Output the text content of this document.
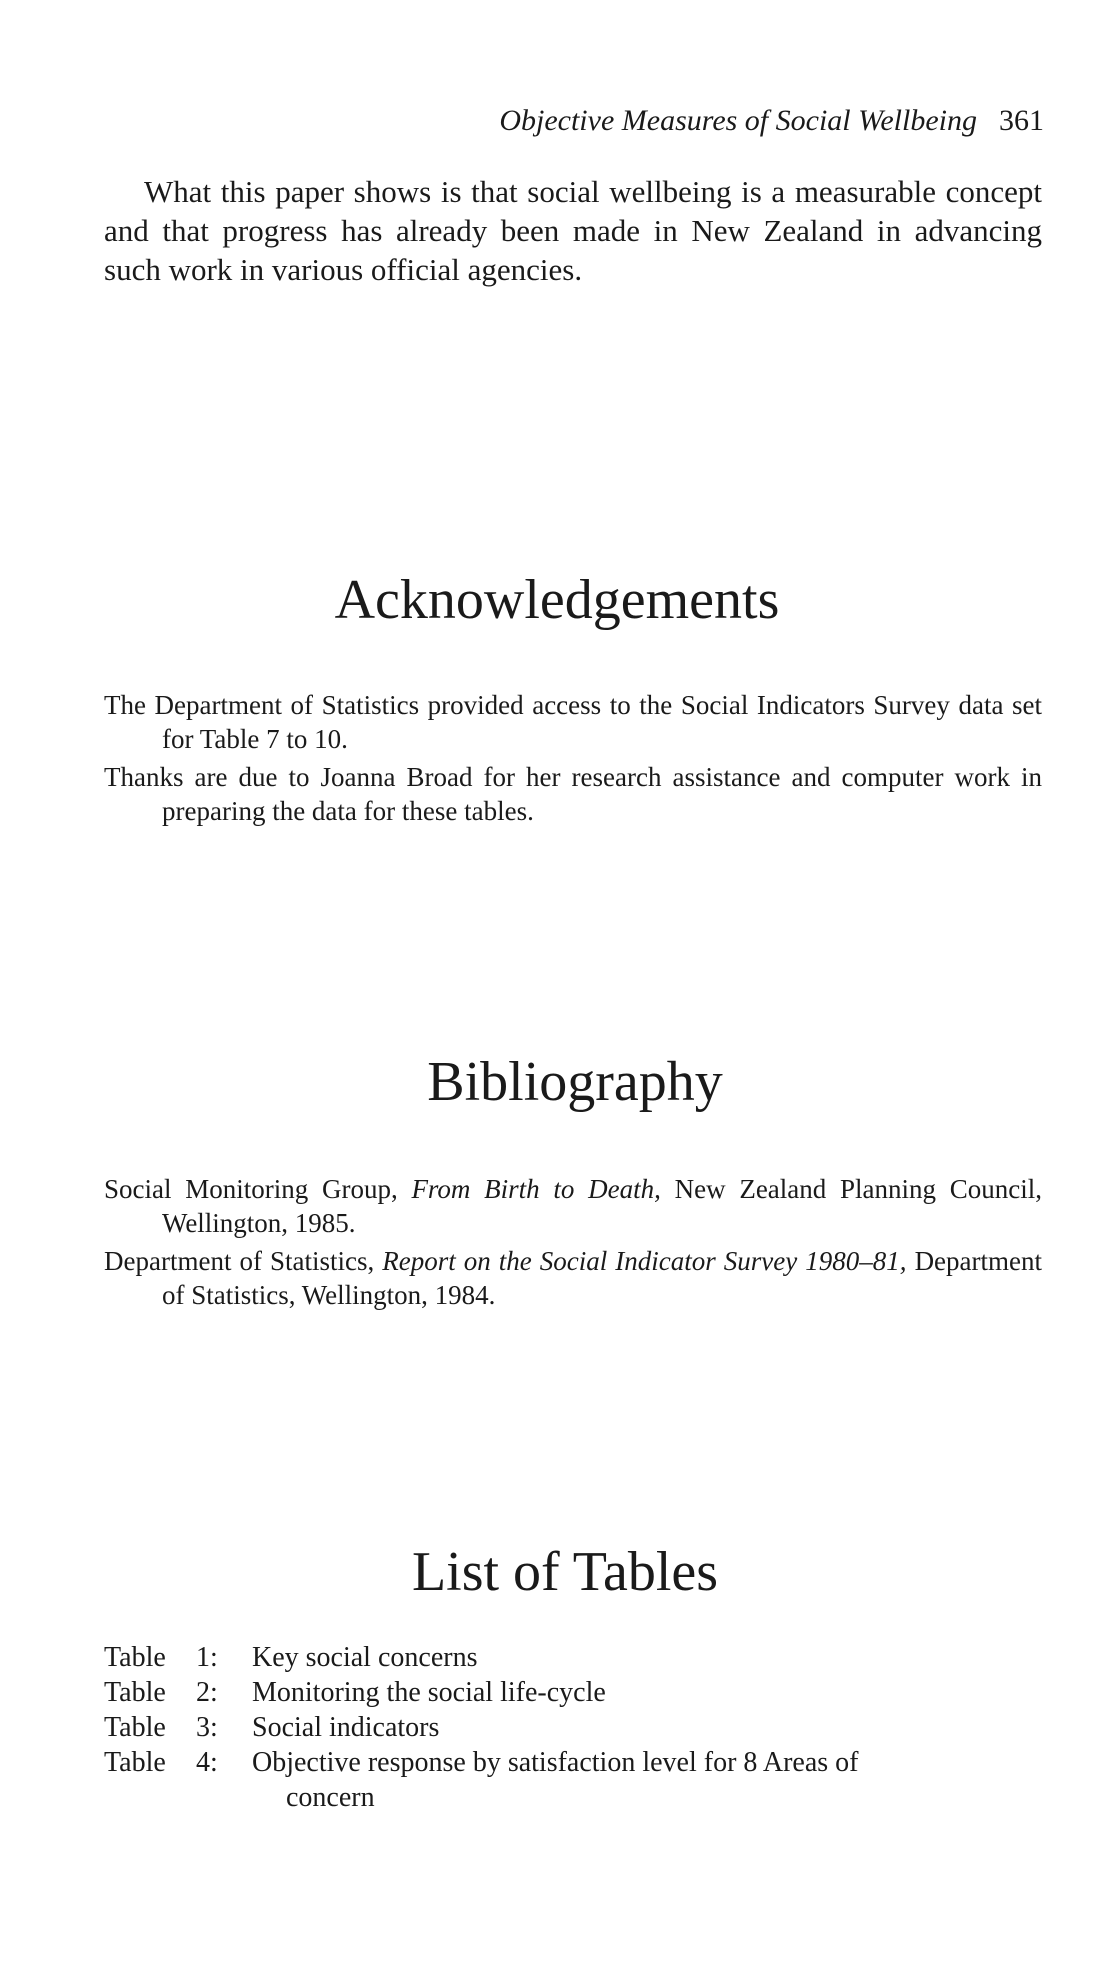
Objective Measures of Social Wellbeing 361

What this paper shows is that social wellbeing is a measurable concept and that progress has already been made in New Zealand in advancing such work in various official agencies.

Acknowledgements
The Department of Statistics provided access to the Social Indicators Survey data set for Table 7 to 10.
Thanks are due to Joanna Broad for her research assistance and computer work in preparing the data for these tables.
Bibliography
Social Monitoring Group, From Birth to Death, New Zealand Planning Council, Wellington, 1985.
Department of Statistics, Report on the Social Indicator Survey 1980–81, Department of Statistics, Wellington, 1984.
List of Tables
Table 1:	Key social concerns
Table 2:	Monitoring the social life-cycle
Table 3:	Social indicators
Table 4:	Objective response by satisfaction level for 8 Areas of
concern
